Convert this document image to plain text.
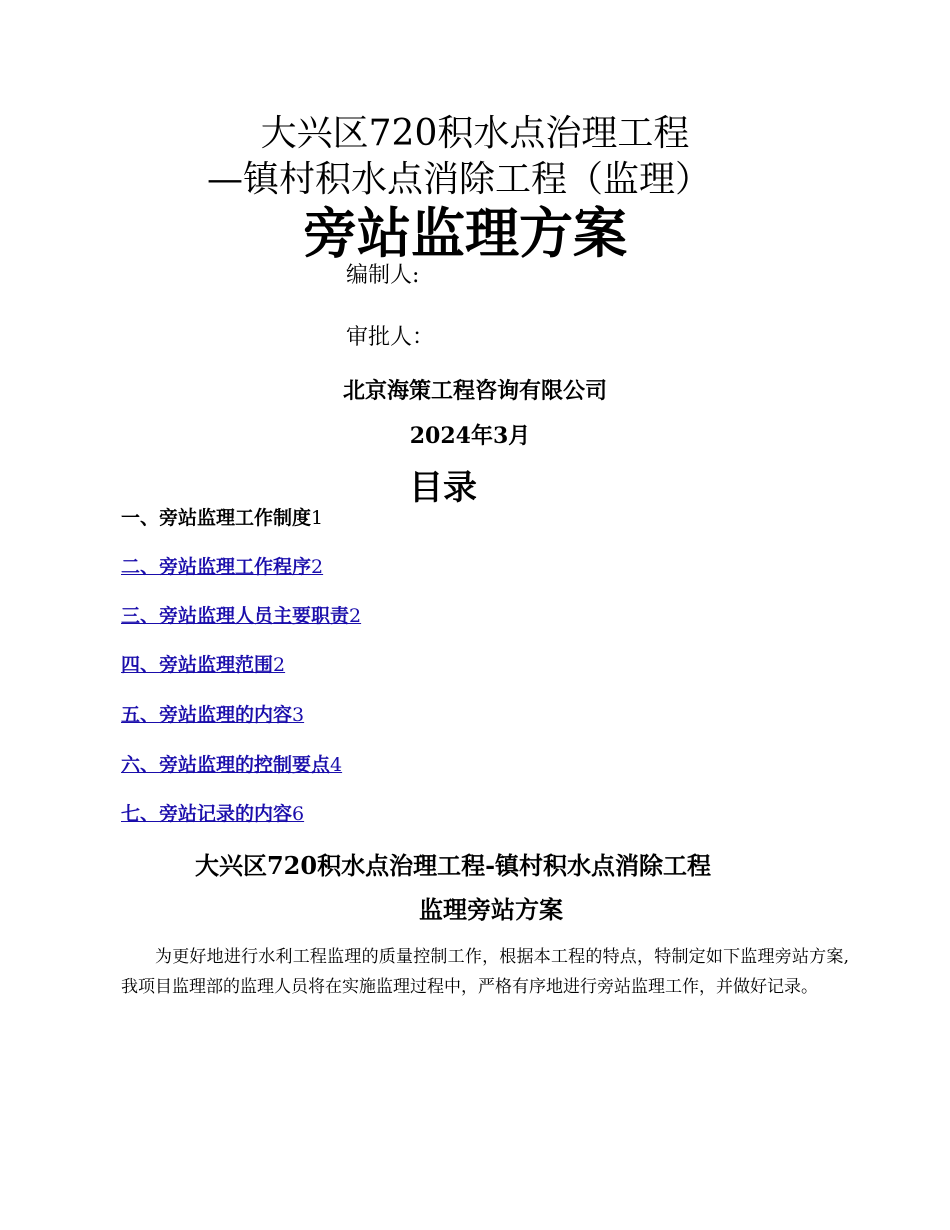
大兴区720积水点治理工程
—镇村积水点消除工程（监理）
旁站监理方案
编制人:
审批人：
北京海策工程咨询有限公司
2024年3月
目录
一、旁站监理工作制度1
二、旁站监理工作程序2
三、旁站监理人员主要职责2
四、旁站监理范围2
五、旁站监理的内容3
六、旁站监理的控制要点4
七、旁站记录的内容6
大兴区720积水点治理工程-镇村积水点消除工程
监理旁站方案

为更好地进行水利工程监理的质量控制工作，根据本工程的特点，特制定如下监理旁站方案,我项目监理部的监理人员将在实施监理过程中，严格有序地进行旁站监理工作，并做好记录。
